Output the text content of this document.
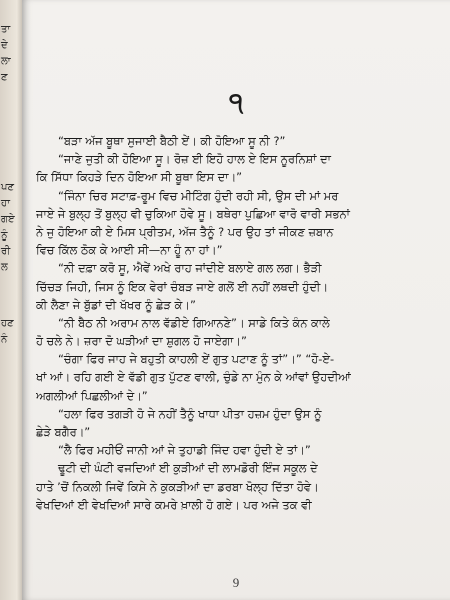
ਤਾ
ਦੇ
ਲਾ
ਣ
ਪਣ
ਹਾ
ਗਏ
ਨੂੰ
ਰੀ
ਲ
ਹਣ
ਨੰ
੧
“ਬੜਾ ਅੱਜ ਬੂਥਾ ਸੁਜਾਈ ਬੈਠੀ ਏਂ। ਕੀ ਹੋਇਆ ਸੂ ਨੀ ?”
“ਜਾਣੇ ਜੁਤੀ ਕੀ ਹੋਇਆ ਸੂ। ਰੋਜ਼ ਈ ਇਹੋ ਹਾਲ ਏ ਇਸ ਨੂਰਨਿਸ਼ਾਂ ਦਾ
ਕਿ ਸਿੱਧਾ ਕਿਹੜੇ ਦਿਨ ਹੋਇਆ ਸੀ ਬੂਥਾ ਇਸ ਦਾ।”
“ਜਿੰਨਾ ਚਿਰ ਸਟਾਫ਼-ਰੂਮ ਵਿਚ ਮੀਟਿੰਗ ਹੁੰਦੀ ਰਹੀ ਸੀ, ਉਸ ਦੀ ਮਾਂ ਮਰ
ਜਾਏ ਜੇ ਬੁਲ੍ਹ ਤੋਂ ਬੁਲ੍ਹ ਵੀ ਚੁਕਿਆ ਹੋਵੇ ਸੂ। ਬਥੇਰਾ ਪੁਛਿਆ ਵਾਰੋ ਵਾਰੀ ਸਭਨਾਂ
ਨੇ ਜੁ ਹੋਇਆ ਕੀ ਏ ਮਿਸ ਪ੍ਰੀਤਮ, ਅੱਜ ਤੈਨੂੰ ? ਪਰ ਉਹ ਤਾਂ ਜੀਕਣ ਜ਼ਬਾਨ
ਵਿਚ ਕਿੱਲ ਠੋਕ ਕੇ ਆਈ ਸੀ—ਨਾ ਹੂੰ ਨਾ ਹਾਂ।”
“ਨੀ ਦਫ਼ਾ ਕਰੋ ਸੂ, ਐਵੇਂ ਅਖੇ ਰਾਹ ਜਾਂਦੀਏ ਬਲਾਏ ਗਲ ਲਗ। ਭੈੜੀ
ਚਿੱਚੜ ਜਿਹੀ, ਜਿਸ ਨੂੰ ਇਕ ਵੇਰਾਂ ਚੰਬੜ ਜਾਏ ਗਲੋਂ ਈ ਨਹੀਂ ਲਥਦੀ ਹੁੰਦੀ।
ਕੀ ਲੈਣਾ ਜੇ ਬੁੱਡਾਂ ਦੀ ਖੱਖਰ ਨੂੰ ਛੇੜ ਕੇ।”
“ਨੀ ਬੈਠ ਨੀ ਅਰਾਮ ਨਾਲ ਵੱਡੀਏ ਗਿਆਨਣੇ”। ਸਾਡੇ ਕਿਤੇ ਕੰਨ ਕਾਲੇ
ਹੋ ਚਲੇ ਨੇ। ਜ਼ਰਾ ਦੋ ਘੜੀਆਂ ਦਾ ਸ਼ੁਗਲ ਹੋ ਜਾਏਗਾ।”
“ਚੰਗਾ ਫਿਰ ਜਾਹ ਜੇ ਬਹੁਤੀ ਕਾਹਲੀ ਏਂ ਗੁਤ ਪਟਾਣ ਨੂੰ ਤਾਂ”।” “ਹੋ-ਏ-
ਖਾਂ ਆਂ। ਰਹਿ ਗਈ ਏ ਵੱਡੀ ਗੁਤ ਪੁੱਟਣ ਵਾਲੀ, ਚੁੰਡੇ ਨਾ ਮੁੰਨ ਕੇ ਆਂਵਾਂ ਉਹਦੀਆਂ
ਅਗਲੀਆਂ ਪਿਛਲੀਆਂ ਦੇ।”
“ਹਲਾ ਫਿਰ ਤਗੜੀ ਹੋ ਜੇ ਨਹੀਂ ਤੈਨੂੰ ਖਾਧਾ ਪੀਤਾ ਹਜ਼ਮ ਹੁੰਦਾ ਉਸ ਨੂੰ
ਛੇੜੇ ਬਗੈਰ।”
“ਲੈ ਫਿਰ ਮਹੀਓਂ ਜਾਨੀ ਆਂ ਜੇ ਤੁਹਾਡੀ ਜਿੰਦ ਹਵਾ ਹੁੰਦੀ ਏ ਤਾਂ।”
ਢੂਟੀ ਦੀ ਘੰਟੀ ਵਜਦਿਆਂ ਈ ਕੁੜੀਆਂ ਦੀ ਲਾਮਡੋਰੀ ਇੰਜ ਸਕੂਲ ਦੇ
ਹਾਤੇ ’ਚੋਂ ਨਿਕਲੀ ਜਿਵੇਂ ਕਿਸੇ ਨੇ ਕੁਕੜੀਆਂ ਦਾ ਡਰਬਾ ਖੋਲ੍ਹ ਦਿੱਤਾ ਹੋਵੇ।
ਵੇਖਦਿਆਂ ਈ ਵੇਖਦਿਆਂ ਸਾਰੇ ਕਮਰੇ ਖ਼ਾਲੀ ਹੋ ਗਏ। ਪਰ ਅਜੇ ਤਕ ਵੀ
9
